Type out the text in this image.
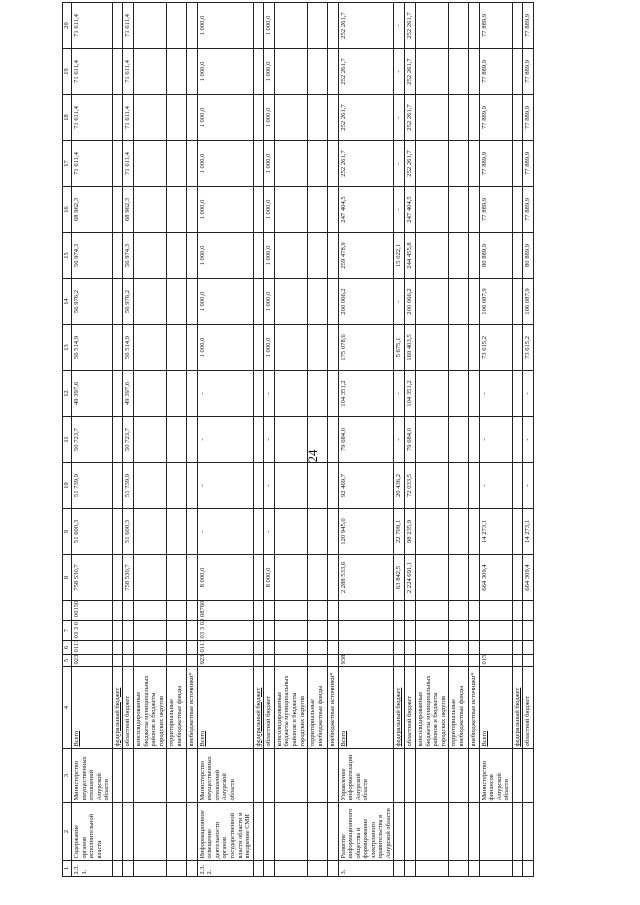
24
1	2	3	4	5	6	7		8	9	10	11	12	13	14	15	16	17	18	19	20
2.3.1.	Содержание органов исполнительной власти	Министерство имущественных отношений Амурской области	Всего	923	0113	03 3 01 00150		758 530,7	51 600,3	51 739,9	50 723,7	49 397,6	56 514,9	56 976,2	56 974,3	68 962,3	71 611,4	71 611,4	71 611,4	71 611,4
			федеральный бюджет																	
			областной бюджет					758 530,7	51 600,3	51 739,9	50 723,7	49 397,6	56 514,9	56 976,2	56 974,3	68 962,3	71 611,4	71 611,4	71 611,4	71 611,4
			консолидированные бюджеты муниципальных районов и бюджеты городских округов																	
			территориальные внебюджетные фонды																	
			внебюджетные источники*																	
2.3.2.	Информационное освещение деятельности органов государственной власти области и внедрение СМИ	Министерство имущественных отношений Амурской области	Всего	923	0113	03 3 03 08760		8 000,0	-	-	-	-	1 000,0	1 000,0	1 000,0	1 000,0	1 000,0	1 000,0	1 000,0	1 000,0
			федеральный бюджет																	
			областной бюджет					8 000,0	-	-	-	-	1 000,0	1 000,0	1 000,0	1 000,0	1 000,0	1 000,0	1 000,0	1 000,0
			консолидированные бюджеты муниципальных районов и бюджеты городских округов																	
			территориальные внебюджетные фонды																	
			внебюджетные источники*																	
3.	Развитие информационного общества и формирование электронного правительства в Амурской области	Управление информатизации Амурской области	Всего	938				2 288 533,6	120 945,0	92 469,7	79 684,0	104 351,2	175 078,6	200 066,2	259 478,9	247 404,5	252 261,7	252 261,7	252 261,7	252 261,7
			федеральный бюджет					63 842,5	22 709,1	20 436,2	-	-	5 675,1	-	15 022,1	-	-	-	-	-
			областной бюджет					2 224 691,1	98 235,9	72 033,5	79 684,0	104 351,2	169 403,5	200 066,2	244 455,8	247 404,5	252 261,7	252 261,7	252 261,7	252 261,7
			консолидированные бюджеты муниципальных районов и бюджеты городских округов																	
			территориальные внебюджетные фонды																	
			внебюджетные источники*																	
		Министерство финансов Амурской области	Всего	015				664 309,4	14 273,1	-	-	-	73 615,2	106 087,9	80 889,9	77 889,9	77 889,9	77 889,9	77 889,9	77 889,9
			федеральный бюджет																	
			областной бюджет					664 309,4	14 273,1	-	-	-	73 615,2	106 087,9	80 889,9	77 889,9	77 889,9	77 889,9	77 889,9	77 889,9
